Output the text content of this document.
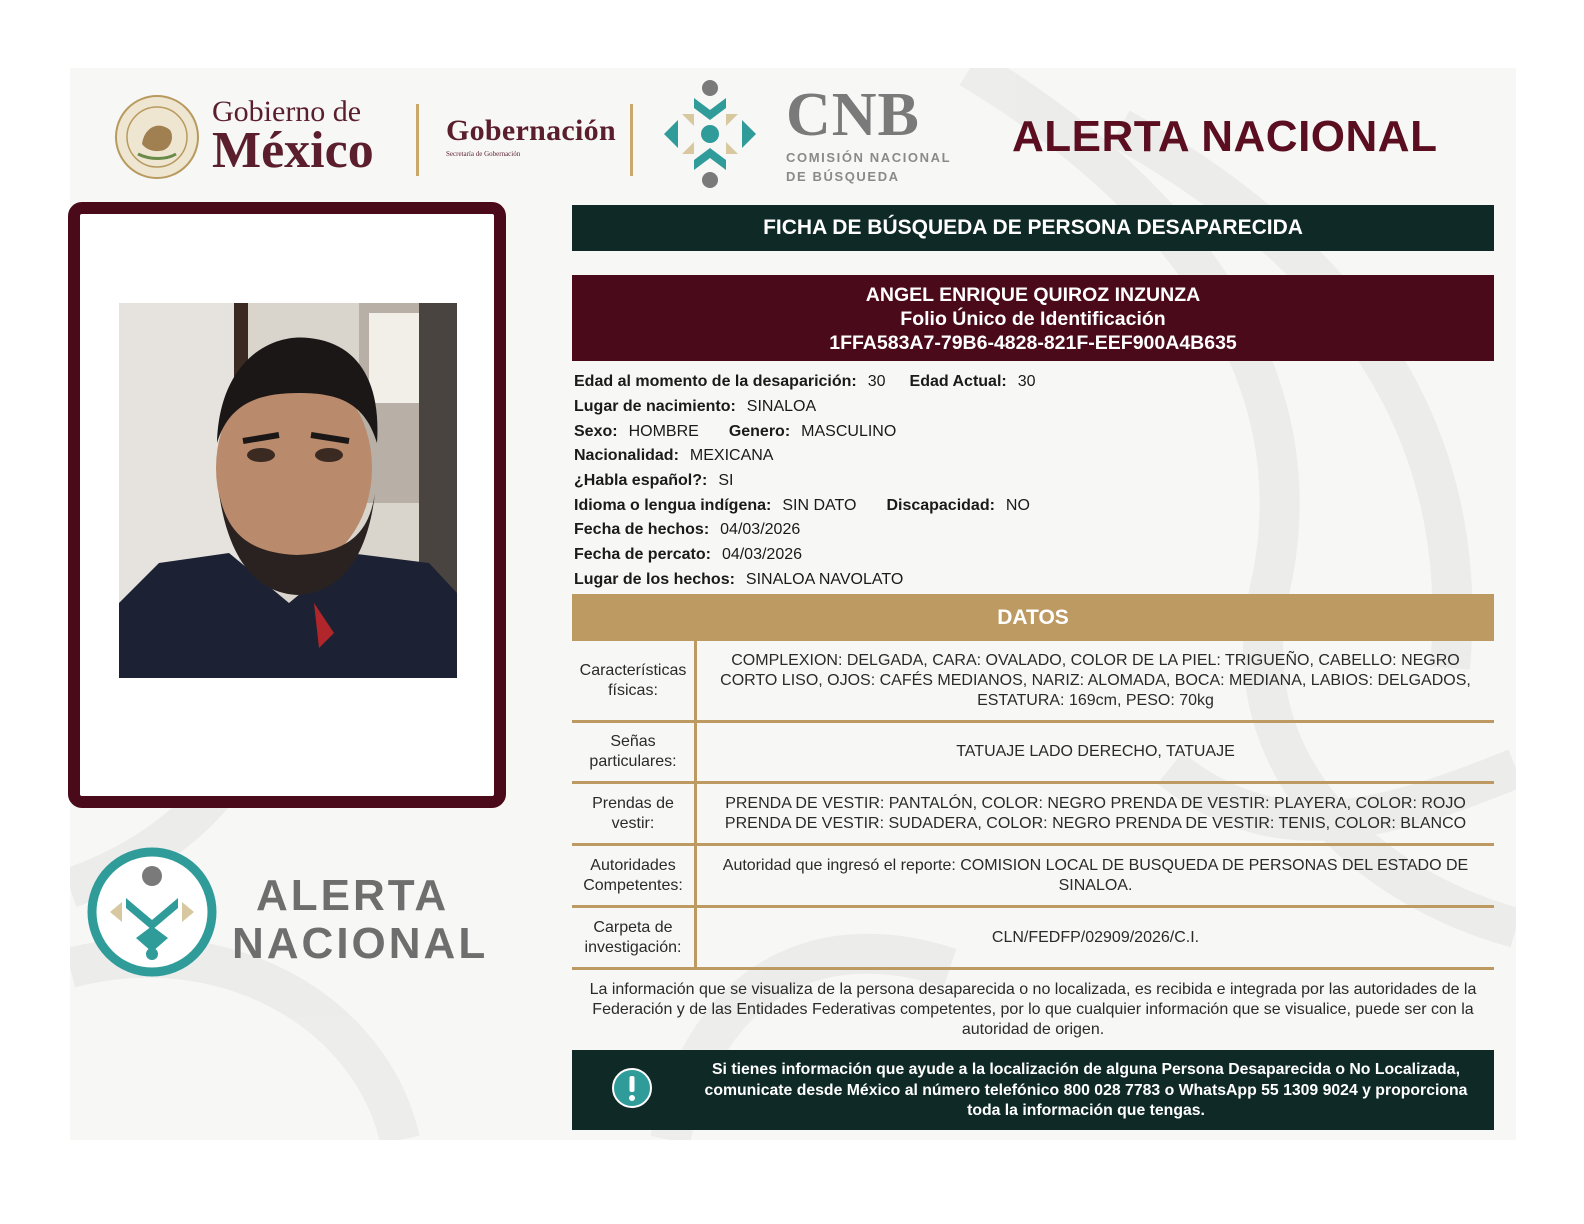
Gobierno de
México Gobernación
Secretaría de Gobernación
CNB
COMISIÓN NACIONAL
DE BÚSQUEDA
ALERTA NACIONAL
ALERTA
NACIONAL
FICHA DE BÚSQUEDA DE PERSONA DESAPARECIDA
ANGEL ENRIQUE QUIROZ INZUNZA
Folio Único de Identificación
1FFA583A7-79B6-4828-821F-EEF900A4B635
Edad al momento de la desaparición: 30 Edad Actual: 30
Lugar de nacimiento: SINALOA
Sexo: HOMBRE Genero: MASCULINO
Nacionalidad: MEXICANA
¿Habla español?: SI
Idioma o lengua indígena: SIN DATO Discapacidad: NO
Fecha de hechos: 04/03/2026
Fecha de percato: 04/03/2026
Lugar de los hechos: SINALOA NAVOLATO
DATOS
Características físicas:
COMPLEXION: DELGADA, CARA: OVALADO, COLOR DE LA PIEL: TRIGUEÑO, CABELLO: NEGRO CORTO LISO, OJOS: CAFÉS MEDIANOS, NARIZ: ALOMADA, BOCA: MEDIANA, LABIOS: DELGADOS, ESTATURA: 169cm, PESO: 70kg
Señas particulares:
TATUAJE LADO DERECHO, TATUAJE
Prendas de vestir:
PRENDA DE VESTIR: PANTALÓN, COLOR: NEGRO PRENDA DE VESTIR: PLAYERA, COLOR: ROJO PRENDA DE VESTIR: SUDADERA, COLOR: NEGRO PRENDA DE VESTIR: TENIS, COLOR: BLANCO
Autoridades Competentes:
Autoridad que ingresó el reporte: COMISION LOCAL DE BUSQUEDA DE PERSONAS DEL ESTADO DE SINALOA.
Carpeta de investigación:
CLN/FEDFP/02909/2026/C.I.
La información que se visualiza de la persona desaparecida o no localizada, es recibida e integrada por las autoridades de la Federación y de las Entidades Federativas competentes, por lo que cualquier información que se visualice, puede ser con la autoridad de origen.
Si tienes información que ayude a la localización de alguna Persona Desaparecida o No Localizada, comunicate desde México al número telefónico 800 028 7783 o WhatsApp 55 1309 9024 y proporciona toda la información que tengas.
